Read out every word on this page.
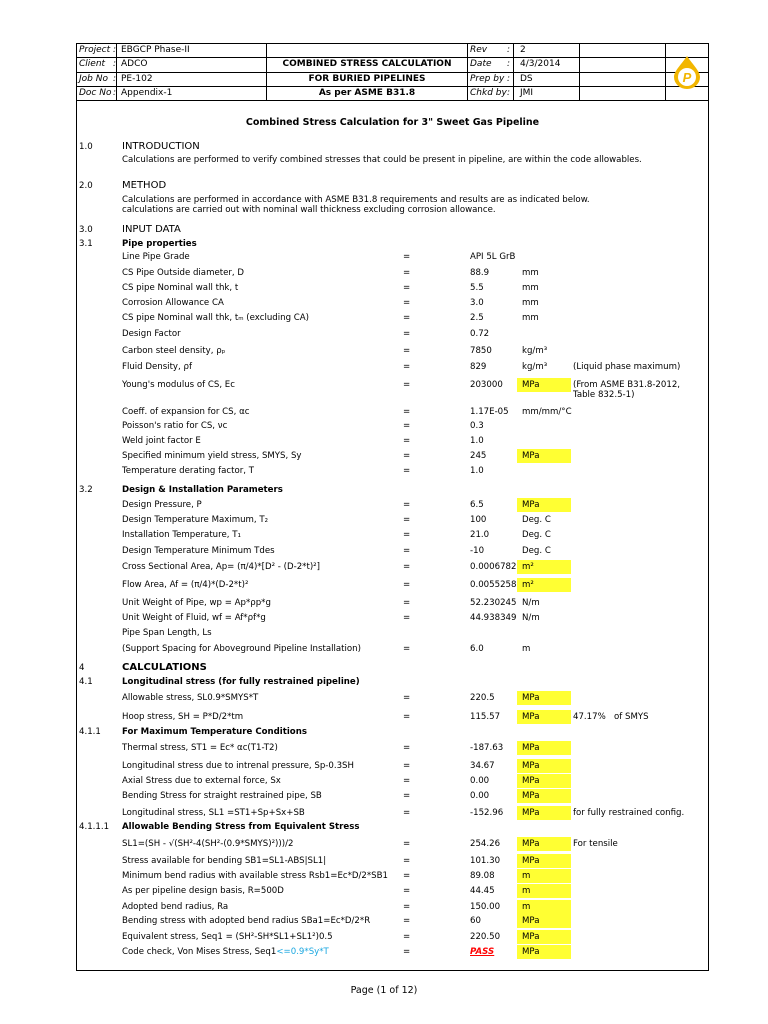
Project : EBGCP Phase-II
Client : ADCO
Job No : PE-102
Doc No : Appendix-1
COMBINED STRESS CALCULATION
FOR BURIED PIPELINES
As per ASME B31.8
Rev : 2
Date : 4/3/2014
Prep by : DS
Chkd by : JMI
P
Combined Stress Calculation for 3" Sweet Gas Pipeline
1.0	INTRODUCTION
Calculations are performed to verify combined stresses that could be present in pipeline, are within the code allowables.
2.0	METHOD
Calculations are performed in accordance with ASME B31.8 requirements and results are as indicated below.
calculations are carried out with nominal wall thickness excluding corrosion allowance.
3.0	INPUT DATA
3.1	Pipe properties
Line Pipe Grade	=	API 5L GrB
CS Pipe Outside diameter, D	=	88.9	mm
CS pipe Nominal wall thk, t	=	5.5	mm
Corrosion Allowance CA	=	3.0	mm
CS pipe Nominal wall thk, tₘ (excluding CA)	=	2.5	mm
Design Factor	=	0.72
Carbon steel density, ρₚ	=	7850	kg/m³
Fluid Density, ρf	=	829	kg/m³	(Liquid phase maximum)
Young's modulus of CS, Ec	=	203000 MPa	(From ASME B31.8-2012,
Table 832.5-1)
Coeff. of expansion for CS, αc	=	1.17E-05 mm/mm/°C
Poisson's ratio for CS, νc	=	0.3
Weld joint factor E	=	1.0
Specified minimum yield stress, SMYS, Sy	=	245	MPa
Temperature derating factor, T	=	1.0
3.2	Design & Installation Parameters
Design Pressure, P	=	6.5	MPa
Design Temperature Maximum, T₂	=	100	Deg. C
Installation Temperature, T₁	=	21.0	Deg. C
Design Temperature Minimum Tdes	=	-10	Deg. C
Cross Sectional Area, Ap= (π/4)*[D² - (D-2*t)²]	=	0.0006782 m²
Flow Area, Af = (π/4)*(D-2*t)²	=	0.0055258 m²
Unit Weight of Pipe, wp = Ap*ρp*g	=	52.230245 N/m
Unit Weight of Fluid, wf = Af*ρf*g	=	44.938349 N/m
Pipe Span Length, Ls
(Support Spacing for Aboveground Pipeline Installation)	=	6.0	m
4	CALCULATIONS
4.1	Longitudinal stress (for fully restrained pipeline)
Allowable stress, SL0.9*SMYS*T	=	220.5	MPa
Hoop stress, SH = P*D/2*tm	=	115.57	MPa	47.17% of SMYS
4.1.1 For Maximum Temperature Conditions
Thermal stress, ST1 = Ec* αc(T1-T2)	=	-187.63 MPa
Longitudinal stress due to intrenal pressure, Sp-0.3SH	=	34.67	MPa
Axial Stress due to external force, Sx	=	0.00	MPa
Bending Stress for straight restrained pipe, SB	=	0.00	MPa
Longitudinal stress, SL1 =ST1+Sp+Sx+SB	=	-152.96 MPa	for fully restrained config.
4.1.1.1 Allowable Bending Stress from Equivalent Stress
SL1=(SH - √(SH²-4(SH²-(0.9*SMYS)²)))/2	=	254.26	MPa	For tensile
Stress available for bending SB1=SL1-ABS|SL1|	=	101.30	MPa
Minimum bend radius with available stress Rsb1=Ec*D/2*SB1 =	89.08	m
As per pipeline design basis, R=500D	=	44.45	m
Adopted bend radius, Ra	=	150.00	m
Bending stress with adopted bend radius SBa1=Ec*D/2*R	=	60	MPa
Equivalent stress, Seq1 = (SH²-SH*SL1+SL1²)0.5	=	220.50	MPa
Code check, Von Mises Stress, Seq1<=0.9*Sy*T	=	PASS	MPa
Page (1 of 12)
